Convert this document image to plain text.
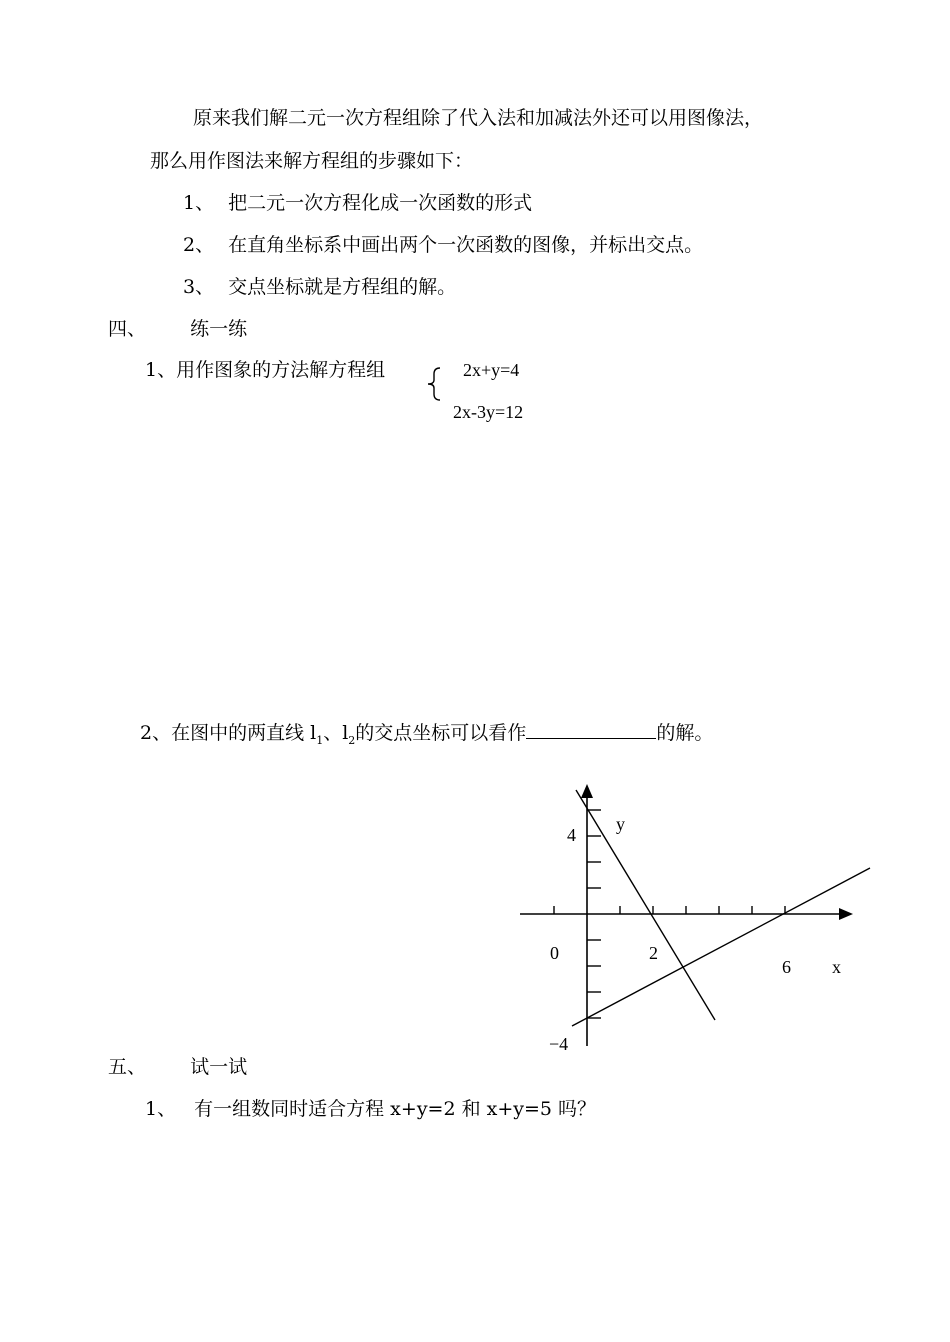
原来我们解二元一次方程组除了代入法和加减法外还可以用图像法，
那么用作图法来解方程组的步骤如下：
1、 把二元一次方程化成一次函数的形式
2、 在直角坐标系中画出两个一次函数的图像，并标出交点。
3、 交点坐标就是方程组的解。
四、 练一练
1、用作图象的方法解方程组	2x+y=4
2x-3y=12
2、在图中的两直线 $l_1$、$l_2$的交点坐标可以看作	的解。
y
x
0
4
−4
2
6
五、 试一试
1、 有一组数同时适合方程 x+y=2 和 x+y=5 吗？
